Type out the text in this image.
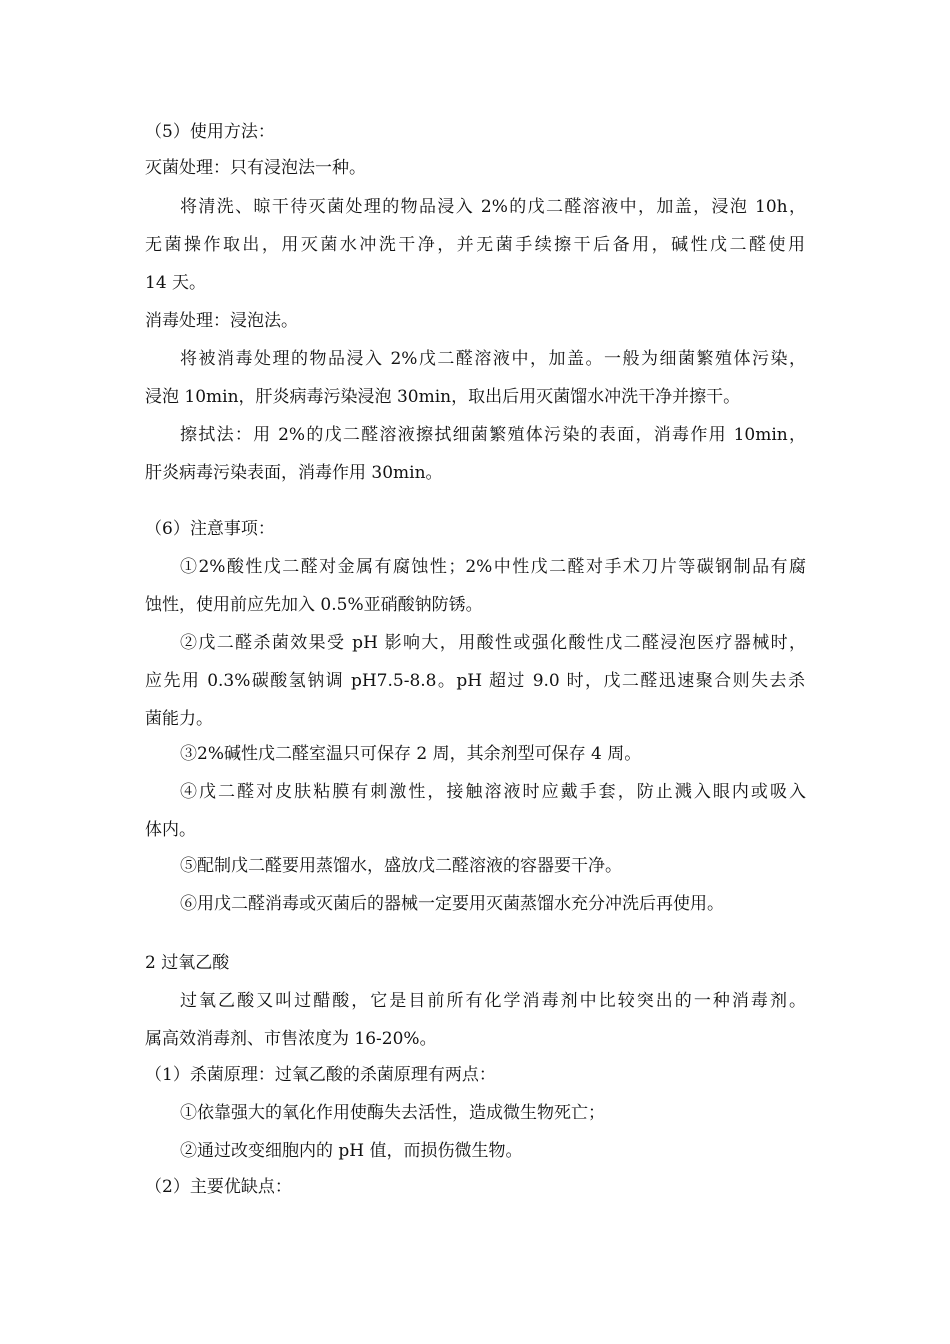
（5）使用方法：
灭菌处理：只有浸泡法一种。
将清洗、晾干待灭菌处理的物品浸入 2%的戊二醛溶液中，加盖，浸泡 10h，
无菌操作取出，用灭菌水冲洗干净，并无菌手续擦干后备用，碱性戊二醛使用
14 天。
消毒处理：浸泡法。
将被消毒处理的物品浸入 2%戊二醛溶液中，加盖。一般为细菌繁殖体污染，
浸泡 10min，肝炎病毒污染浸泡 30min，取出后用灭菌馏水冲洗干净并擦干。
擦拭法：用 2%的戊二醛溶液擦拭细菌繁殖体污染的表面，消毒作用 10min，
肝炎病毒污染表面，消毒作用 30min。
（6）注意事项：
①2%酸性戊二醛对金属有腐蚀性；2%中性戊二醛对手术刀片等碳钢制品有腐
蚀性，使用前应先加入 0.5%亚硝酸钠防锈。
②戊二醛杀菌效果受 pH 影响大，用酸性或强化酸性戊二醛浸泡医疗器械时，
应先用 0.3%碳酸氢钠调 pH7.5-8.8。pH 超过 9.0 时，戊二醛迅速聚合则失去杀
菌能力。
③2%碱性戊二醛室温只可保存 2 周，其余剂型可保存 4 周。
④戊二醛对皮肤粘膜有刺激性，接触溶液时应戴手套，防止溅入眼内或吸入
体内。
⑤配制戊二醛要用蒸馏水，盛放戊二醛溶液的容器要干净。
⑥用戊二醛消毒或灭菌后的器械一定要用灭菌蒸馏水充分冲洗后再使用。
2 过氧乙酸
过氧乙酸又叫过醋酸，它是目前所有化学消毒剂中比较突出的一种消毒剂。
属高效消毒剂、市售浓度为 16-20%。
（1）杀菌原理：过氧乙酸的杀菌原理有两点：
①依靠强大的氧化作用使酶失去活性，造成微生物死亡；
②通过改变细胞内的 pH 值，而损伤微生物。
（2）主要优缺点：
